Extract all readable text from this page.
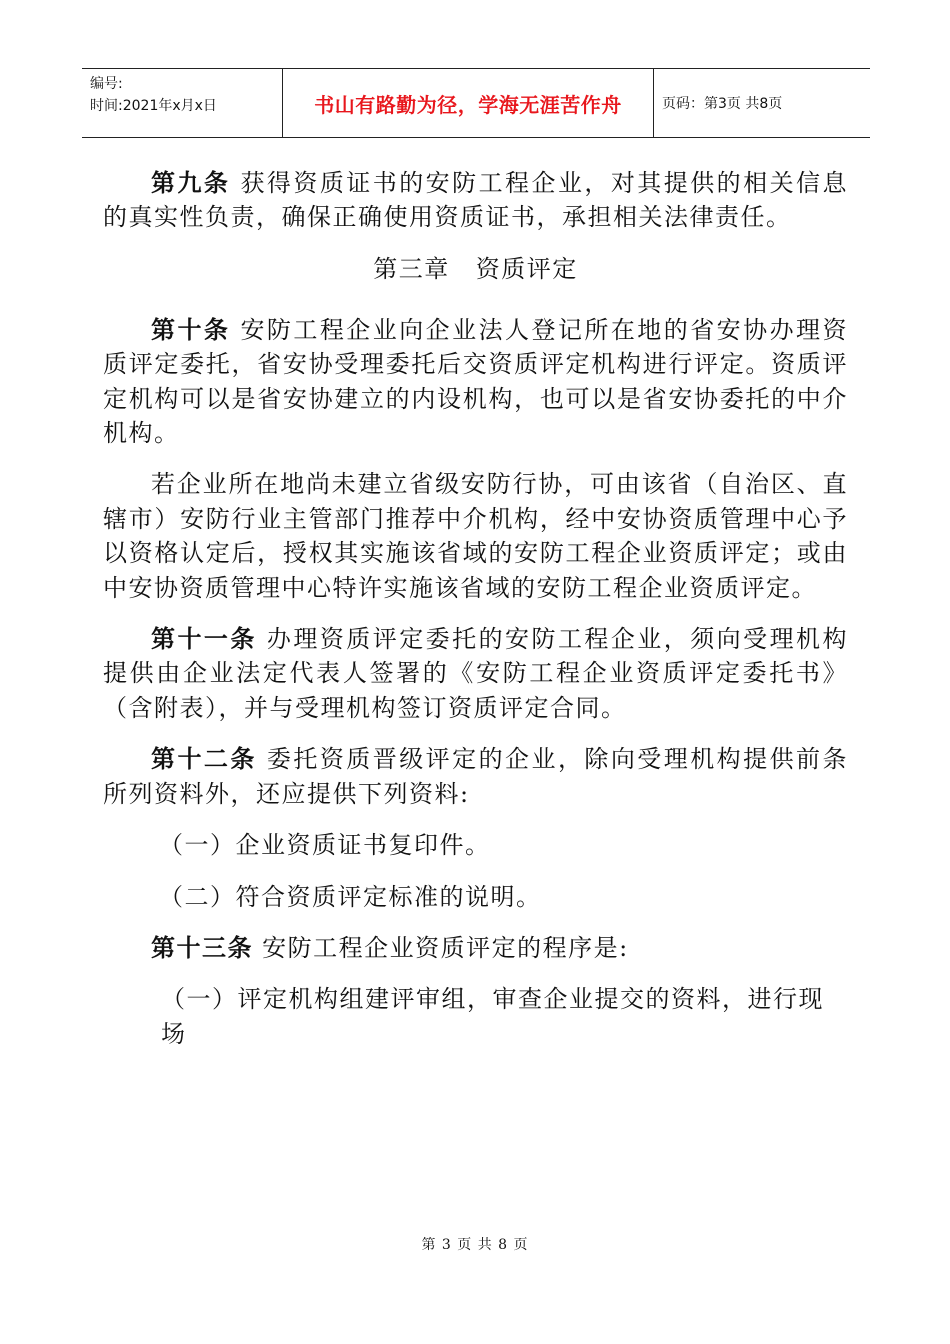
编号:
时间:2021年x月x日	书山有路勤为径，学海无涯苦作舟	页码：第3页 共8页

第九条 获得资质证书的安防工程企业，对其提供的相关信息的真实性负责，确保正确使用资质证书，承担相关法律责任。

第三章 资质评定

第十条 安防工程企业向企业法人登记所在地的省安协办理资质评定委托，省安协受理委托后交资质评定机构进行评定。资质评定机构可以是省安协建立的内设机构，也可以是省安协委托的中介机构。

若企业所在地尚未建立省级安防行协，可由该省（自治区、直辖市）安防行业主管部门推荐中介机构，经中安协资质管理中心予以资格认定后，授权其实施该省域的安防工程企业资质评定；或由中安协资质管理中心特许实施该省域的安防工程企业资质评定。

第十一条 办理资质评定委托的安防工程企业，须向受理机构提供由企业法定代表人签署的《安防工程企业资质评定委托书》（含附表），并与受理机构签订资质评定合同。

第十二条 委托资质晋级评定的企业，除向受理机构提供前条所列资料外，还应提供下列资料:

（一）企业资质证书复印件。
（二）符合资质评定标准的说明。

第十三条 安防工程企业资质评定的程序是:

（一）评定机构组建评审组，审查企业提交的资料，进行现场
第 3 页 共 8 页
